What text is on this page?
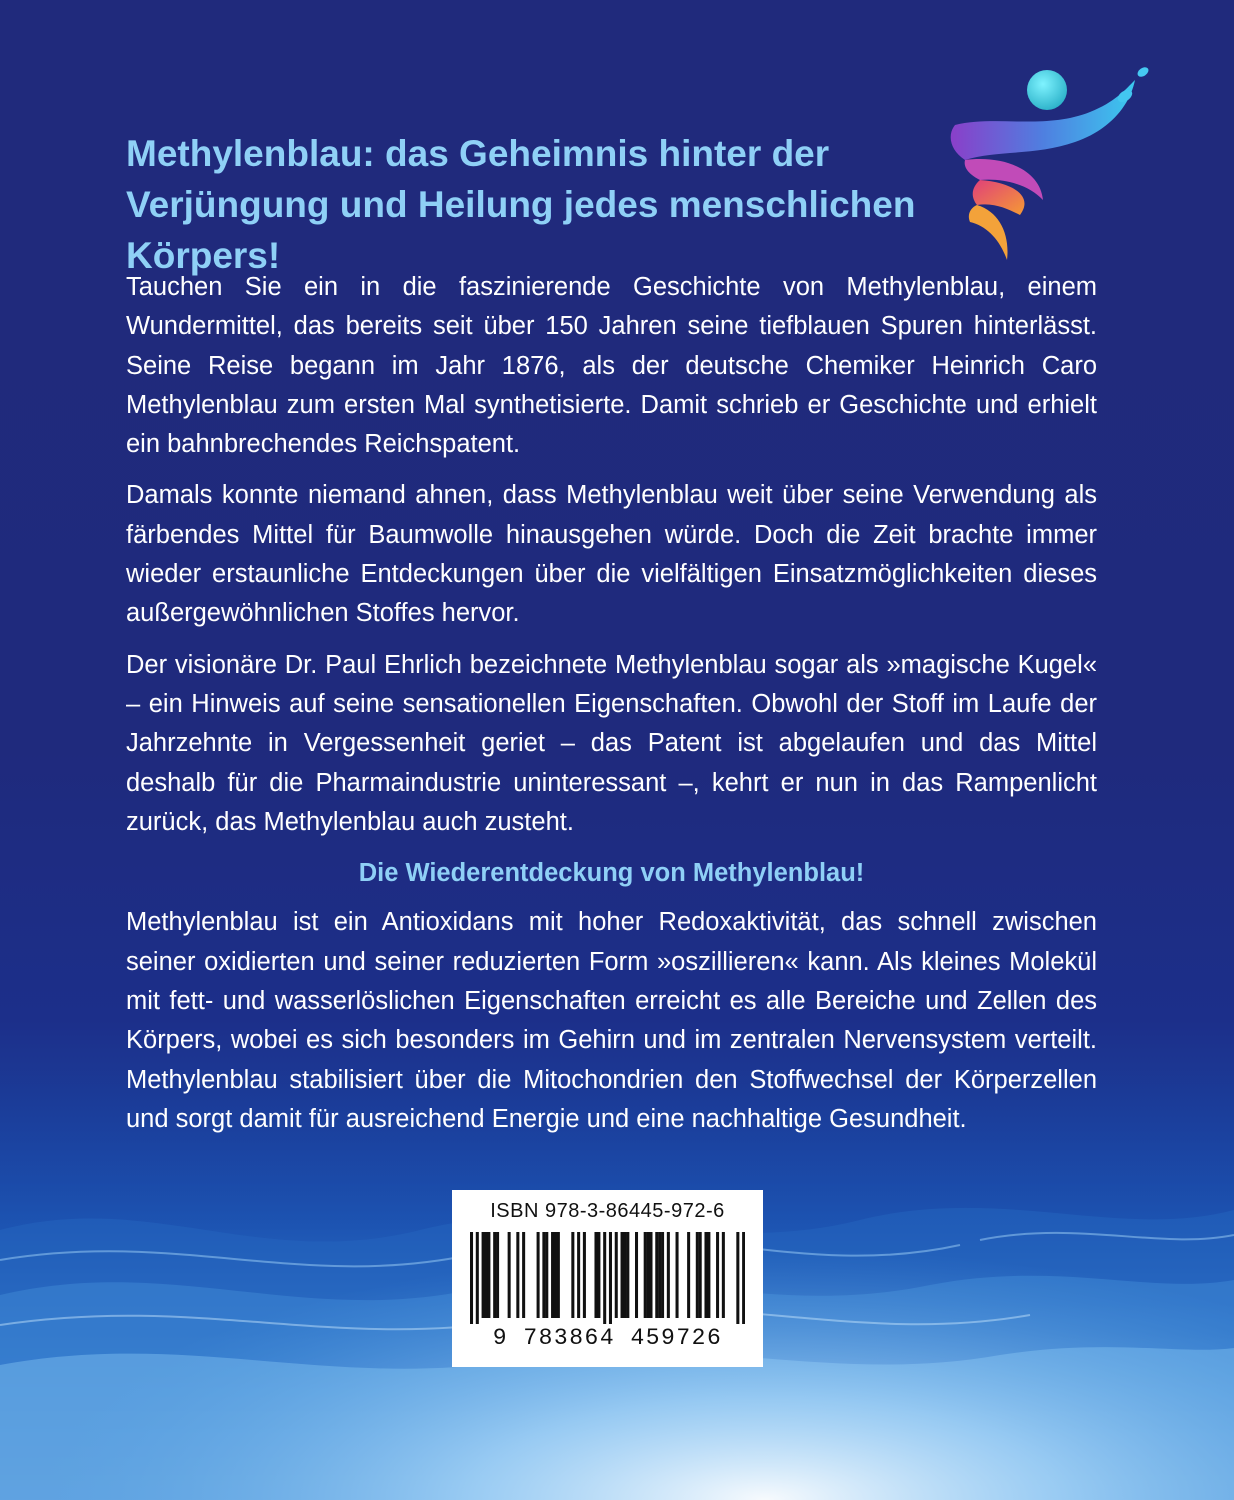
Methylenblau: das Geheimnis hinter der Verjüngung und Heilung jedes menschlichen Körpers!

Tauchen Sie ein in die faszinierende Geschichte von Methylenblau, einem Wundermittel, das bereits seit über 150 Jahren seine tiefblauen Spuren hinterlässt. Seine Reise begann im Jahr 1876, als der deutsche Chemiker Heinrich Caro Methylenblau zum ersten Mal synthetisierte. Damit schrieb er Geschichte und erhielt ein bahnbrechendes Reichspatent.

Damals konnte niemand ahnen, dass Methylenblau weit über seine Verwendung als färbendes Mittel für Baumwolle hinausgehen würde. Doch die Zeit brachte immer wieder erstaunliche Entdeckungen über die vielfältigen Einsatzmöglichkeiten dieses außergewöhnlichen Stoffes hervor.

Der visionäre Dr. Paul Ehrlich bezeichnete Methylenblau sogar als »magische Kugel« – ein Hinweis auf seine sensationellen Eigenschaften. Obwohl der Stoff im Laufe der Jahrzehnte in Vergessenheit geriet – das Patent ist abgelaufen und das Mittel deshalb für die Pharmaindustrie uninteressant –, kehrt er nun in das Rampenlicht zurück, das Methylenblau auch zusteht.

Die Wiederentdeckung von Methylenblau!

Methylenblau ist ein Antioxidans mit hoher Redoxaktivität, das schnell zwischen seiner oxidierten und seiner reduzierten Form »oszillieren« kann. Als kleines Molekül mit fett- und wasserlöslichen Eigenschaften erreicht es alle Bereiche und Zellen des Körpers, wobei es sich besonders im Gehirn und im zentralen Nervensystem verteilt. Methylenblau stabilisiert über die Mitochondrien den Stoffwechsel der Körperzellen und sorgt damit für ausreichend Energie und eine nachhaltige Gesundheit.

ISBN 978-3-86445-972-6
9 783864 459726
